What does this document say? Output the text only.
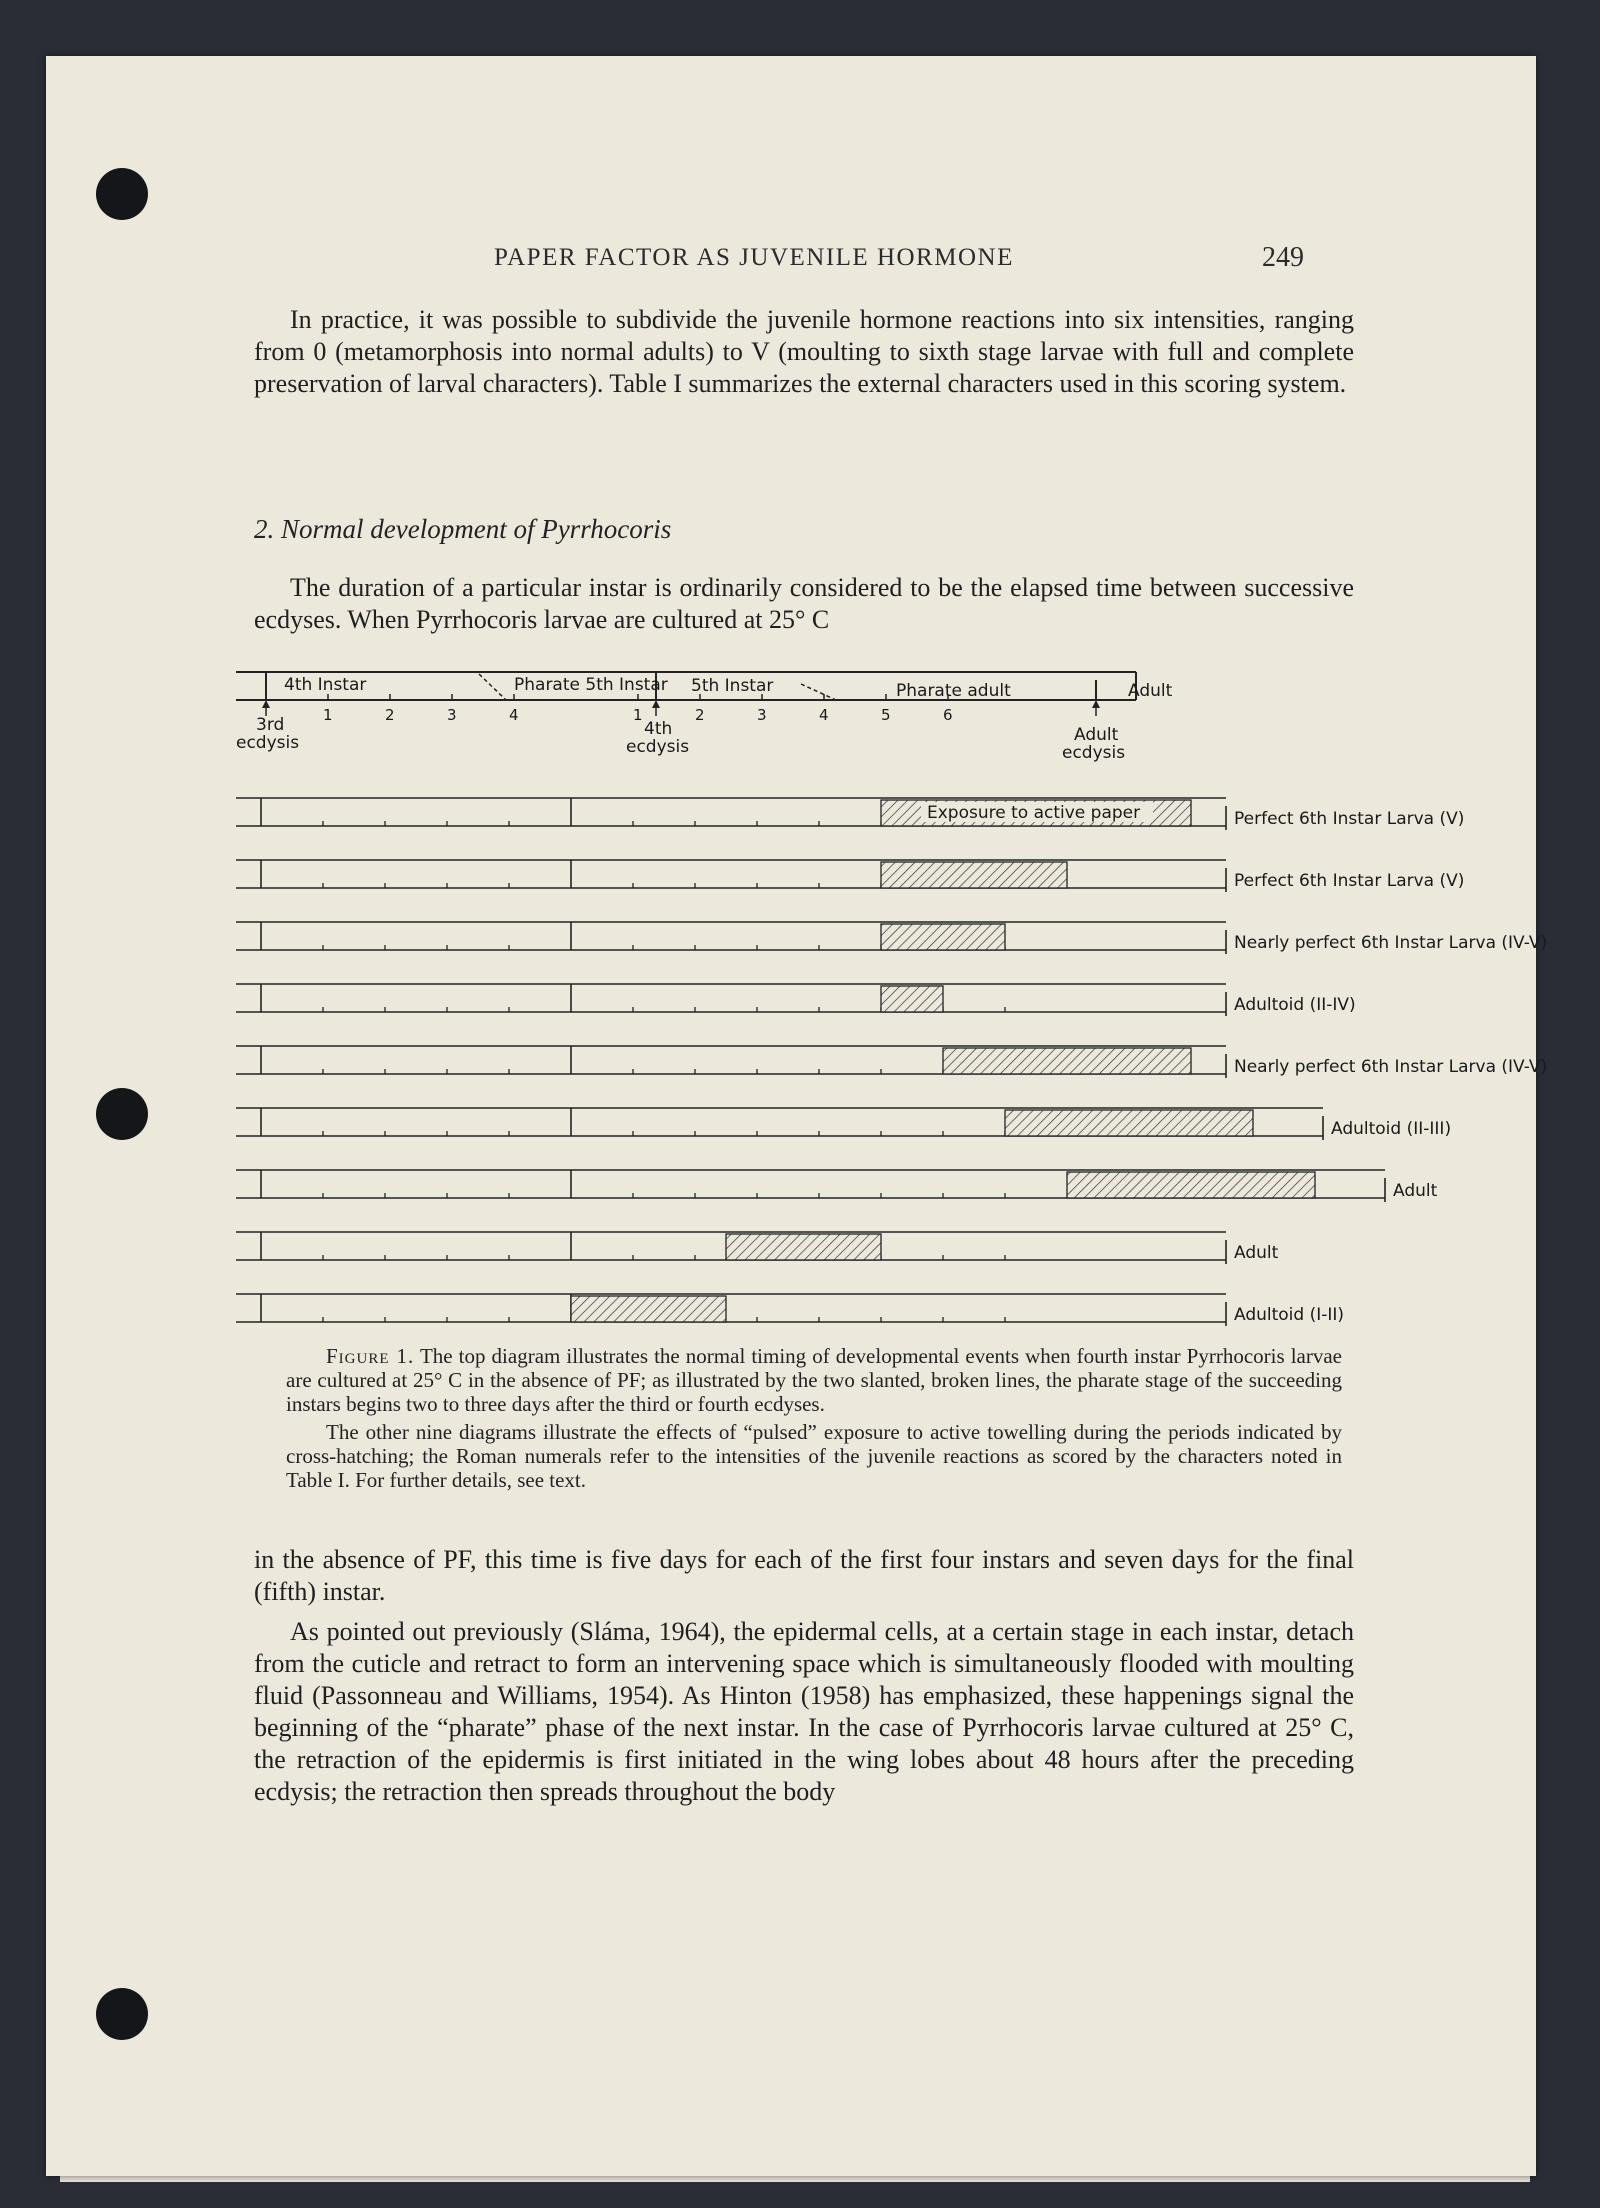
PAPER FACTOR AS JUVENILE HORMONE	249

In practice, it was possible to subdivide the juvenile hormone reactions into six intensities, ranging from 0 (metamorphosis into normal adults) to V (moulting to sixth stage larvae with full and complete preservation of larval characters). Table I summarizes the external characters used in this scoring system.

2. Normal development of Pyrrhocoris

The duration of a particular instar is ordinarily considered to be the elapsed time between successive ecdyses. When Pyrrhocoris larvae are cultured at 25° C

4th Instar	Pharate 5th Instar 5th Instar	Pharate adult	Adult
1	2	3	4	1	2	3	4	5	6
3rd
ecdysis
4th
ecdysis
Adult
ecdysis
Exposure to active paper	Perfect 6th Instar Larva (V)
Perfect 6th Instar Larva (V)
Nearly perfect 6th Instar Larva (IV-V)
Adultoid (II-IV)
Nearly perfect 6th Instar Larva (IV-V)
Adultoid (II-III)
Adult
Adult
Adultoid (I-II)

Figure 1. The top diagram illustrates the normal timing of developmental events when fourth instar Pyrrhocoris larvae are cultured at 25° C in the absence of PF; as illustrated by the two slanted, broken lines, the pharate stage of the succeeding instars begins two to three days after the third or fourth ecdyses.

The other nine diagrams illustrate the effects of “pulsed” exposure to active towelling during the periods indicated by cross-hatching; the Roman numerals refer to the intensities of the juvenile reactions as scored by the characters noted in Table I. For further details, see text.

in the absence of PF, this time is five days for each of the first four instars and seven days for the final (fifth) instar.

As pointed out previously (Sláma, 1964), the epidermal cells, at a certain stage in each instar, detach from the cuticle and retract to form an intervening space which is simultaneously flooded with moulting fluid (Passonneau and Williams, 1954). As Hinton (1958) has emphasized, these happenings signal the beginning of the “pharate” phase of the next instar. In the case of Pyrrhocoris larvae cultured at 25° C, the retraction of the epidermis is first initiated in the wing lobes about 48 hours after the preceding ecdysis; the retraction then spreads throughout the body
